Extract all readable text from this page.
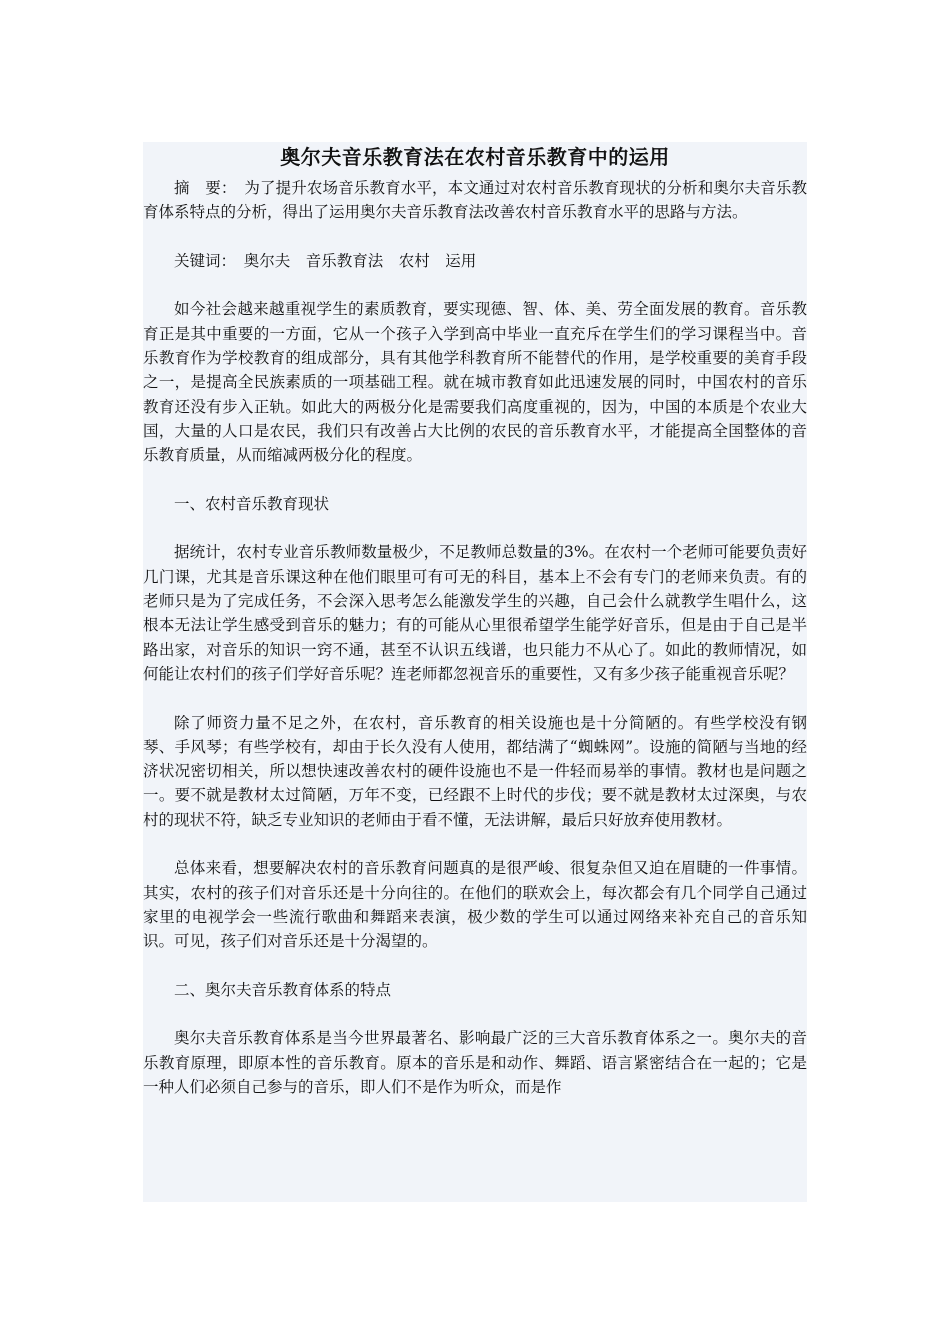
奥尔夫音乐教育法在农村音乐教育中的运用

摘　要：　为了提升农场音乐教育水平，本文通过对农村音乐教育现状的分析和奥尔夫音乐教育体系特点的分析，得出了运用奥尔夫音乐教育法改善农村音乐教育水平的思路与方法。

关键词：　奥尔夫　音乐教育法　农村　运用

如今社会越来越重视学生的素质教育，要实现德、智、体、美、劳全面发展的教育。音乐教育正是其中重要的一方面，它从一个孩子入学到高中毕业一直充斥在学生们的学习课程当中。音乐教育作为学校教育的组成部分，具有其他学科教育所不能替代的作用，是学校重要的美育手段之一，是提高全民族素质的一项基础工程。就在城市教育如此迅速发展的同时，中国农村的音乐教育还没有步入正轨。如此大的两极分化是需要我们高度重视的，因为，中国的本质是个农业大国，大量的人口是农民，我们只有改善占大比例的农民的音乐教育水平，才能提高全国整体的音乐教育质量，从而缩减两极分化的程度。

一、农村音乐教育现状

据统计，农村专业音乐教师数量极少，不足教师总数量的3%。在农村一个老师可能要负责好几门课，尤其是音乐课这种在他们眼里可有可无的科目，基本上不会有专门的老师来负责。有的老师只是为了完成任务，不会深入思考怎么能激发学生的兴趣，自己会什么就教学生唱什么，这根本无法让学生感受到音乐的魅力；有的可能从心里很希望学生能学好音乐，但是由于自己是半路出家，对音乐的知识一窍不通，甚至不认识五线谱，也只能力不从心了。如此的教师情况，如何能让农村们的孩子们学好音乐呢？连老师都忽视音乐的重要性，又有多少孩子能重视音乐呢？

除了师资力量不足之外，在农村，音乐教育的相关设施也是十分简陋的。有些学校没有钢琴、手风琴；有些学校有，却由于长久没有人使用，都结满了“蜘蛛网”。设施的简陋与当地的经济状况密切相关，所以想快速改善农村的硬件设施也不是一件轻而易举的事情。教材也是问题之一。要不就是教材太过简陋，万年不变，已经跟不上时代的步伐；要不就是教材太过深奥，与农村的现状不符，缺乏专业知识的老师由于看不懂，无法讲解，最后只好放弃使用教材。

总体来看，想要解决农村的音乐教育问题真的是很严峻、很复杂但又迫在眉睫的一件事情。其实，农村的孩子们对音乐还是十分向往的。在他们的联欢会上，每次都会有几个同学自己通过家里的电视学会一些流行歌曲和舞蹈来表演，极少数的学生可以通过网络来补充自己的音乐知识。可见，孩子们对音乐还是十分渴望的。

二、奥尔夫音乐教育体系的特点

奥尔夫音乐教育体系是当今世界最著名、影响最广泛的三大音乐教育体系之一。奥尔夫的音乐教育原理，即原本性的音乐教育。原本的音乐是和动作、舞蹈、语言紧密结合在一起的；它是一种人们必须自己参与的音乐，即人们不是作为听众，而是作
